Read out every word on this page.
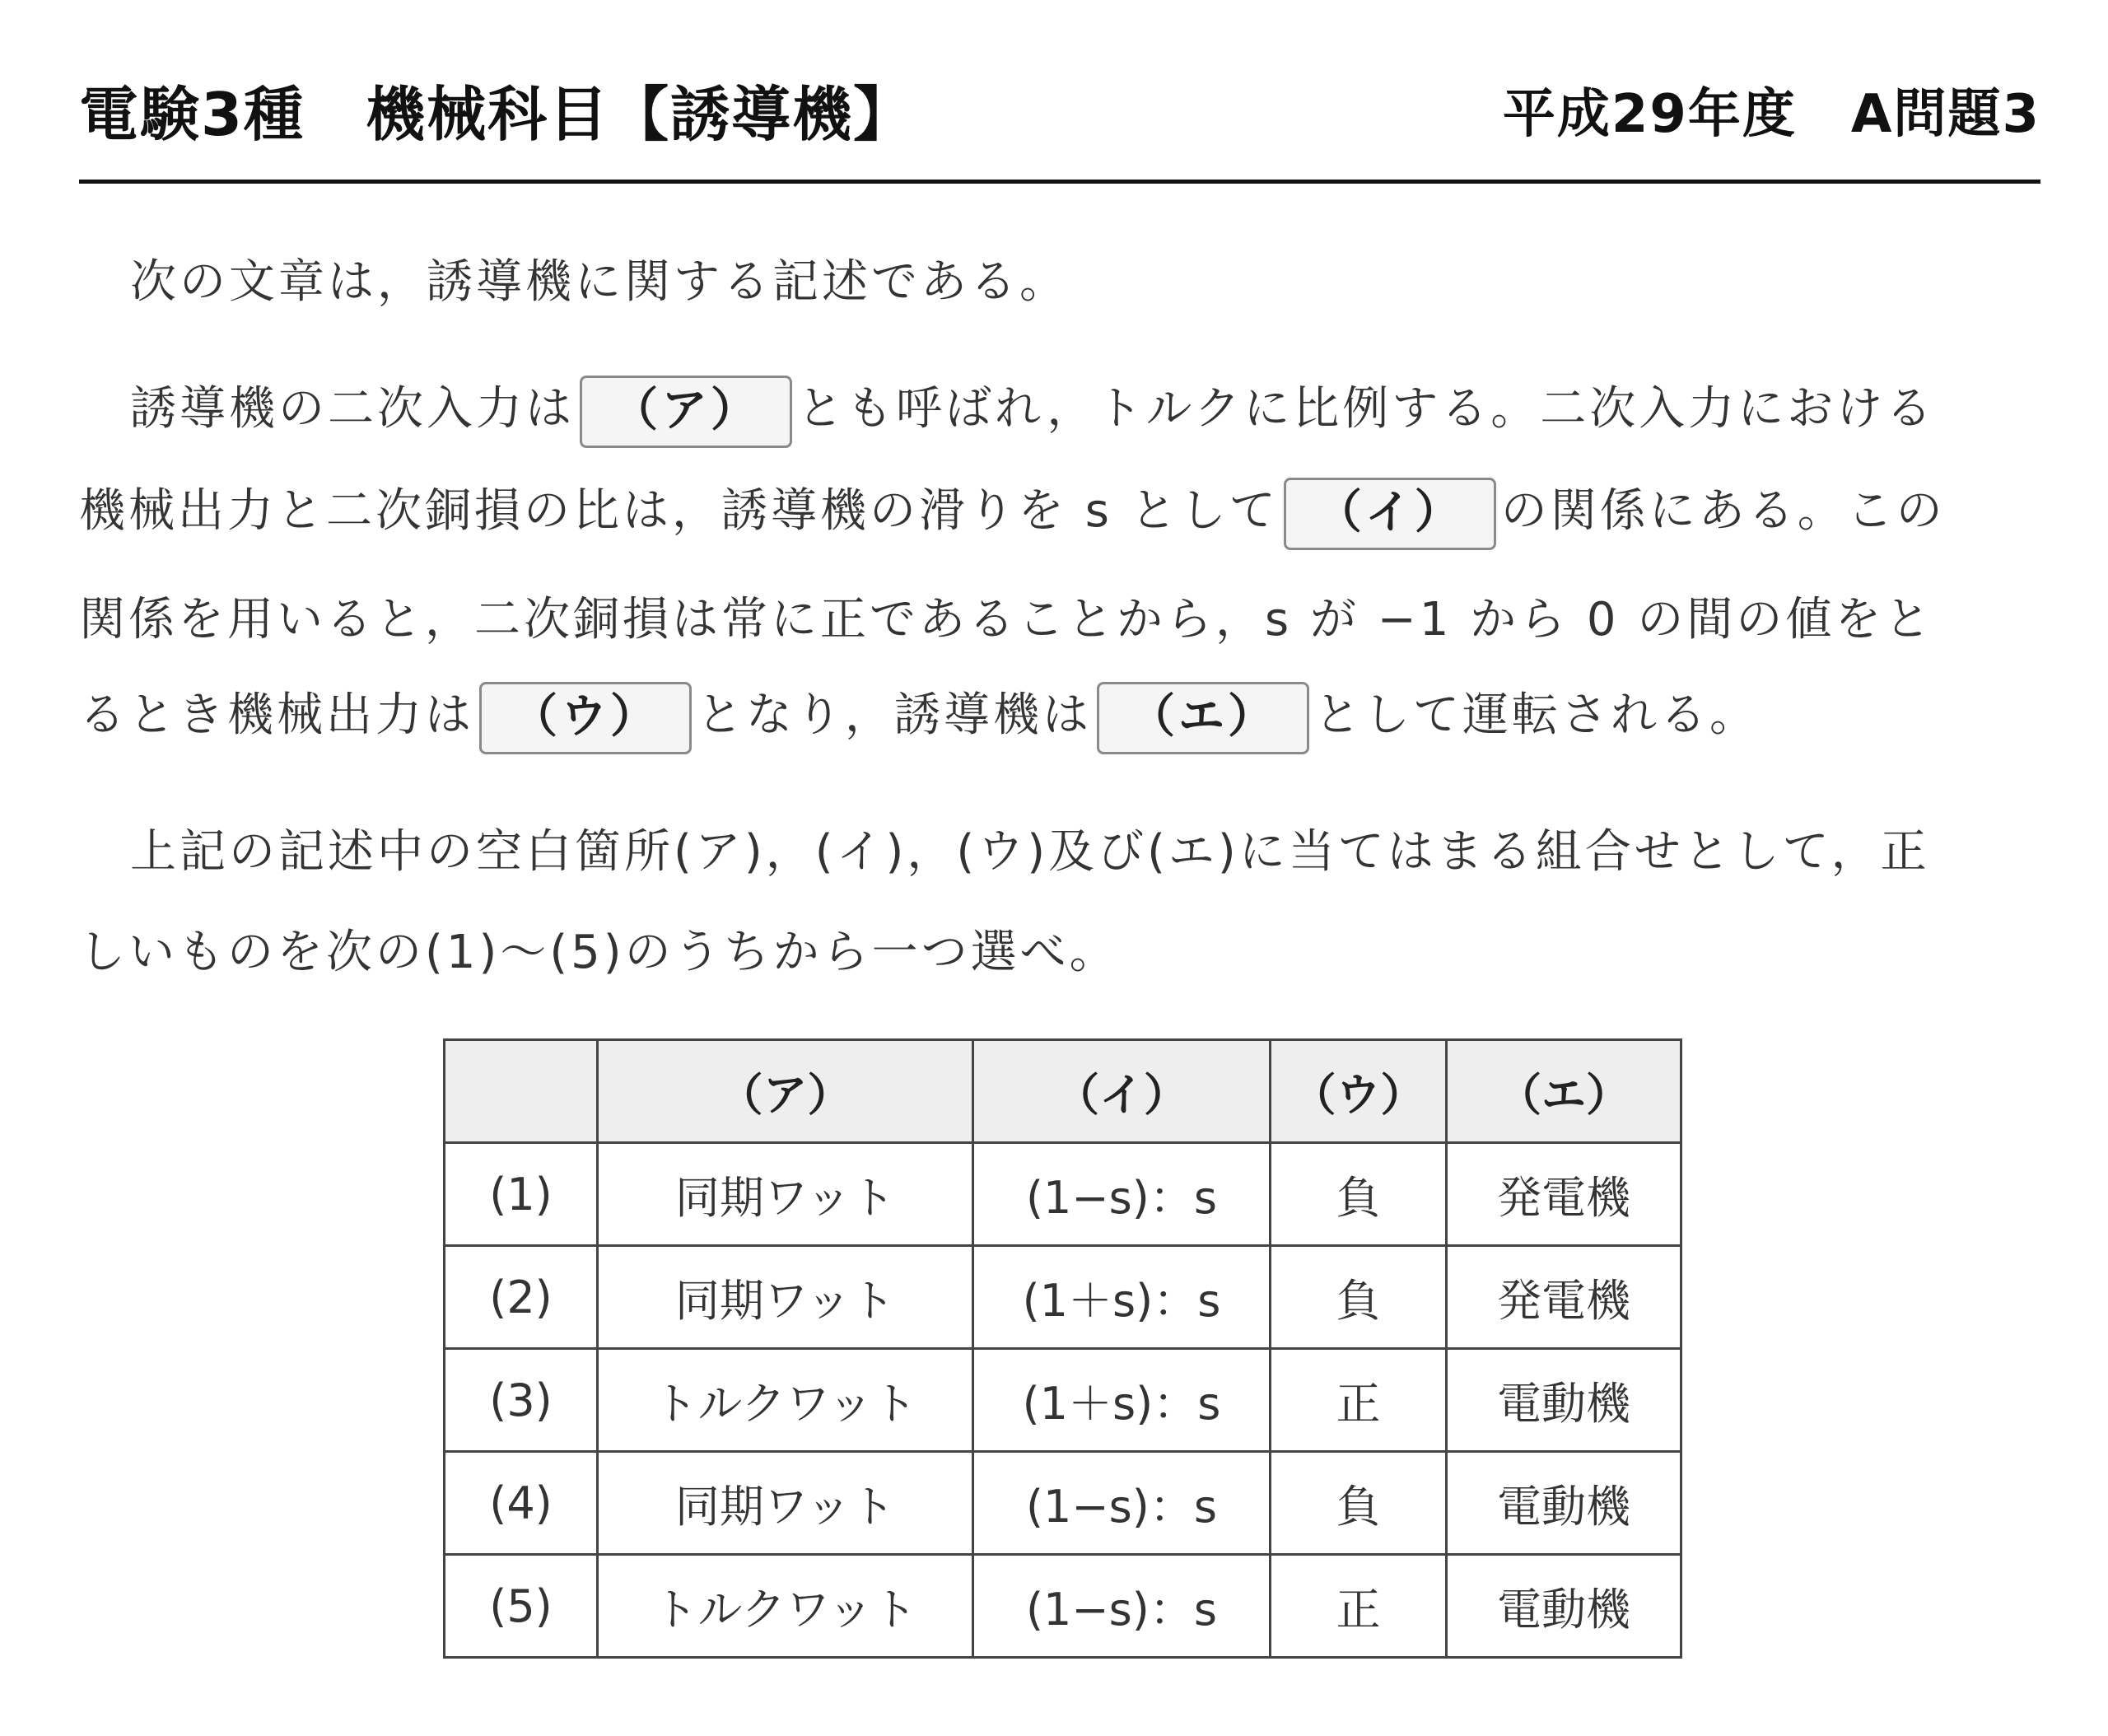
電験3種　機械科目【誘導機】	平成29年度　A問題3
次の文章は，誘導機に関する記述である。
誘導機の二次入力は （ア） とも呼ばれ，トルクに比例する。二次入力における
機械出力と二次銅損の比は，誘導機の滑りを s として （イ） の関係にある。この
関係を用いると，二次銅損は常に正であることから，s が −1 から 0 の間の値をと
るとき機械出力は （ウ） となり，誘導機は （エ） として運転される。
上記の記述中の空白箇所(ア)，(イ)，(ウ)及び(エ)に当てはまる組合せとして，正
しいものを次の(1)〜(5)のうちから一つ選べ。
	（ア）	（イ）	（ウ）	（エ）
(1)	同期ワット	(1−s)：s	負	発電機
(2)	同期ワット	(1＋s)：s	負	発電機
(3)	トルクワット	(1＋s)：s	正	電動機
(4)	同期ワット	(1−s)：s	負	電動機
(5)	トルクワット	(1−s)：s	正	電動機
